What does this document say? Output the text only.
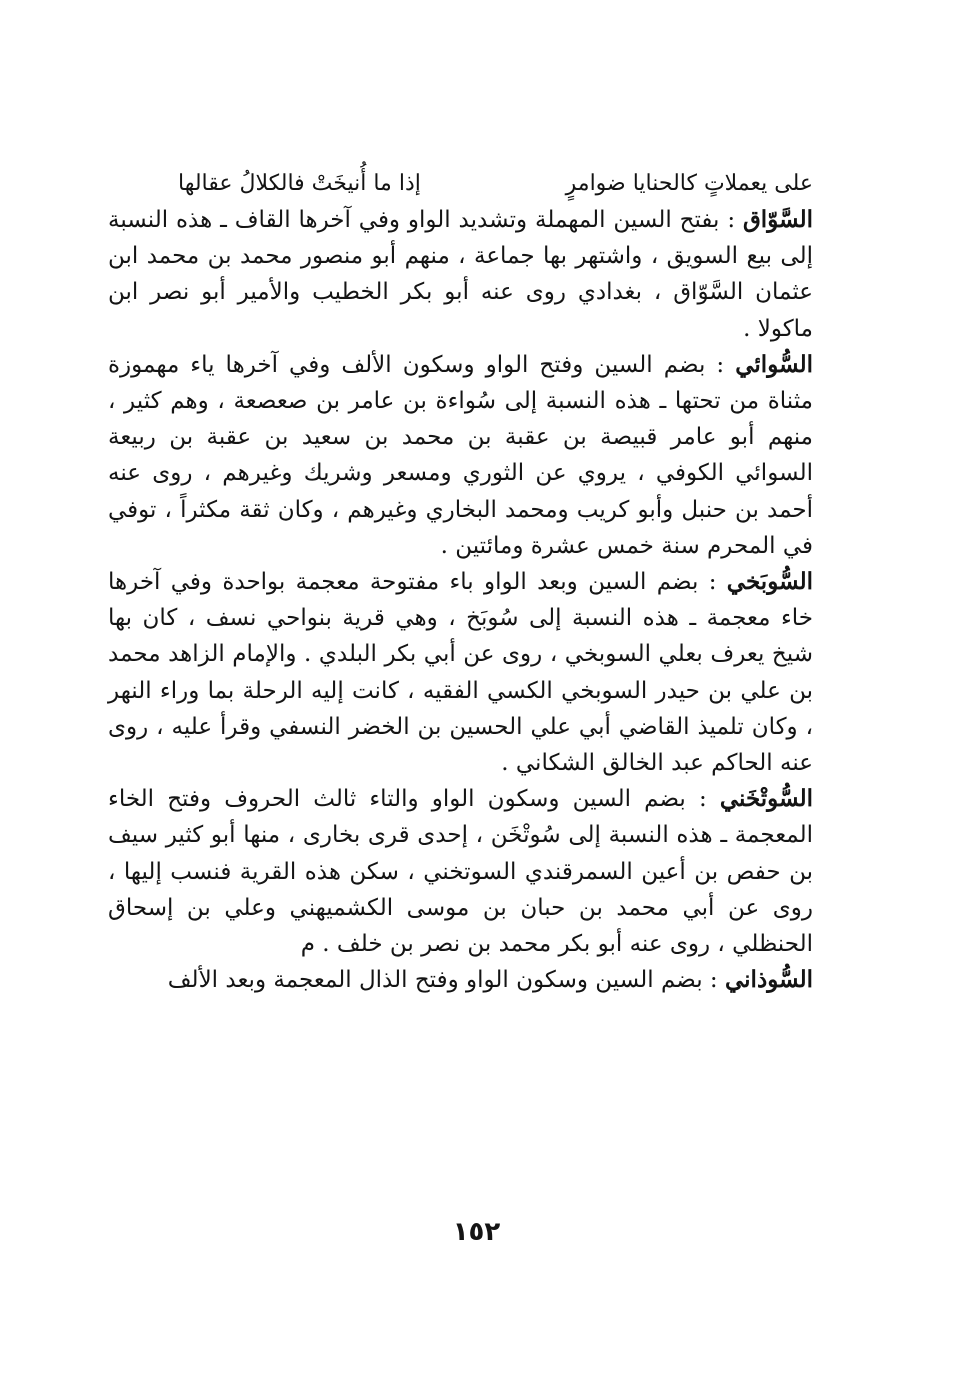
على يعملاتٍ كالحنايا ضوامرٍ
إذا ما أُنيخَتْ فالكلالُ عقالها

السَّوّاق : بفتح السين المهملة وتشديد الواو وفي آخرها القاف ـ هذه النسبة إلى بيع السويق ، واشتهر بها جماعة ، منهم أبو منصور محمد بن محمد ابن عثمان السَّوّاق ، بغدادي روى عنه أبو بكر الخطيب والأمير أبو نصر ابن ماكولا .

السُّوائي : بضم السين وفتح الواو وسكون الألف وفي آخرها ياء مهموزة مثناة من تحتها ـ هذه النسبة إلى سُواءة بن عامر بن صعصعة ، وهم كثير ، منهم أبو عامر قبيصة بن عقبة بن محمد بن سعيد بن عقبة بن ربيعة السوائي الكوفي ، يروي عن الثوري ومسعر وشريك وغيرهم ، روى عنه أحمد بن حنبل وأبو كريب ومحمد البخاري وغيرهم ، وكان ثقة مكثراً ، توفي في المحرم سنة خمس عشرة ومائتين .

السُّوبَخي : بضم السين وبعد الواو باء مفتوحة معجمة بواحدة وفي آخرها خاء معجمة ـ هذه النسبة إلى سُوبَخ ، وهي قرية بنواحي نسف ، كان بها شيخ يعرف بعلي السوبخي ، روى عن أبي بكر البلدي . والإمام الزاهد محمد بن علي بن حيدر السوبخي الكسي الفقيه ، كانت إليه الرحلة بما وراء النهر ، وكان تلميذ القاضي أبي علي الحسين بن الخضر النسفي وقرأ عليه ، روى عنه الحاكم عبد الخالق الشكاني .

السُّوتْخَني : بضم السين وسكون الواو والتاء ثالث الحروف وفتح الخاء المعجمة ـ هذه النسبة إلى سُوتْخَن ، إحدى قرى بخارى ، منها أبو كثير سيف بن حفص بن أعين السمرقندي السوتخني ، سكن هذه القرية فنسب إليها ، روى عن أبي محمد بن حبان بن موسى الكشميهني وعلي بن إسحاق الحنظلي ، روى عنه أبو بكر محمد بن نصر بن خلف . م

السُّوذاني : بضم السين وسكون الواو وفتح الذال المعجمة وبعد الألف

١٥٢
